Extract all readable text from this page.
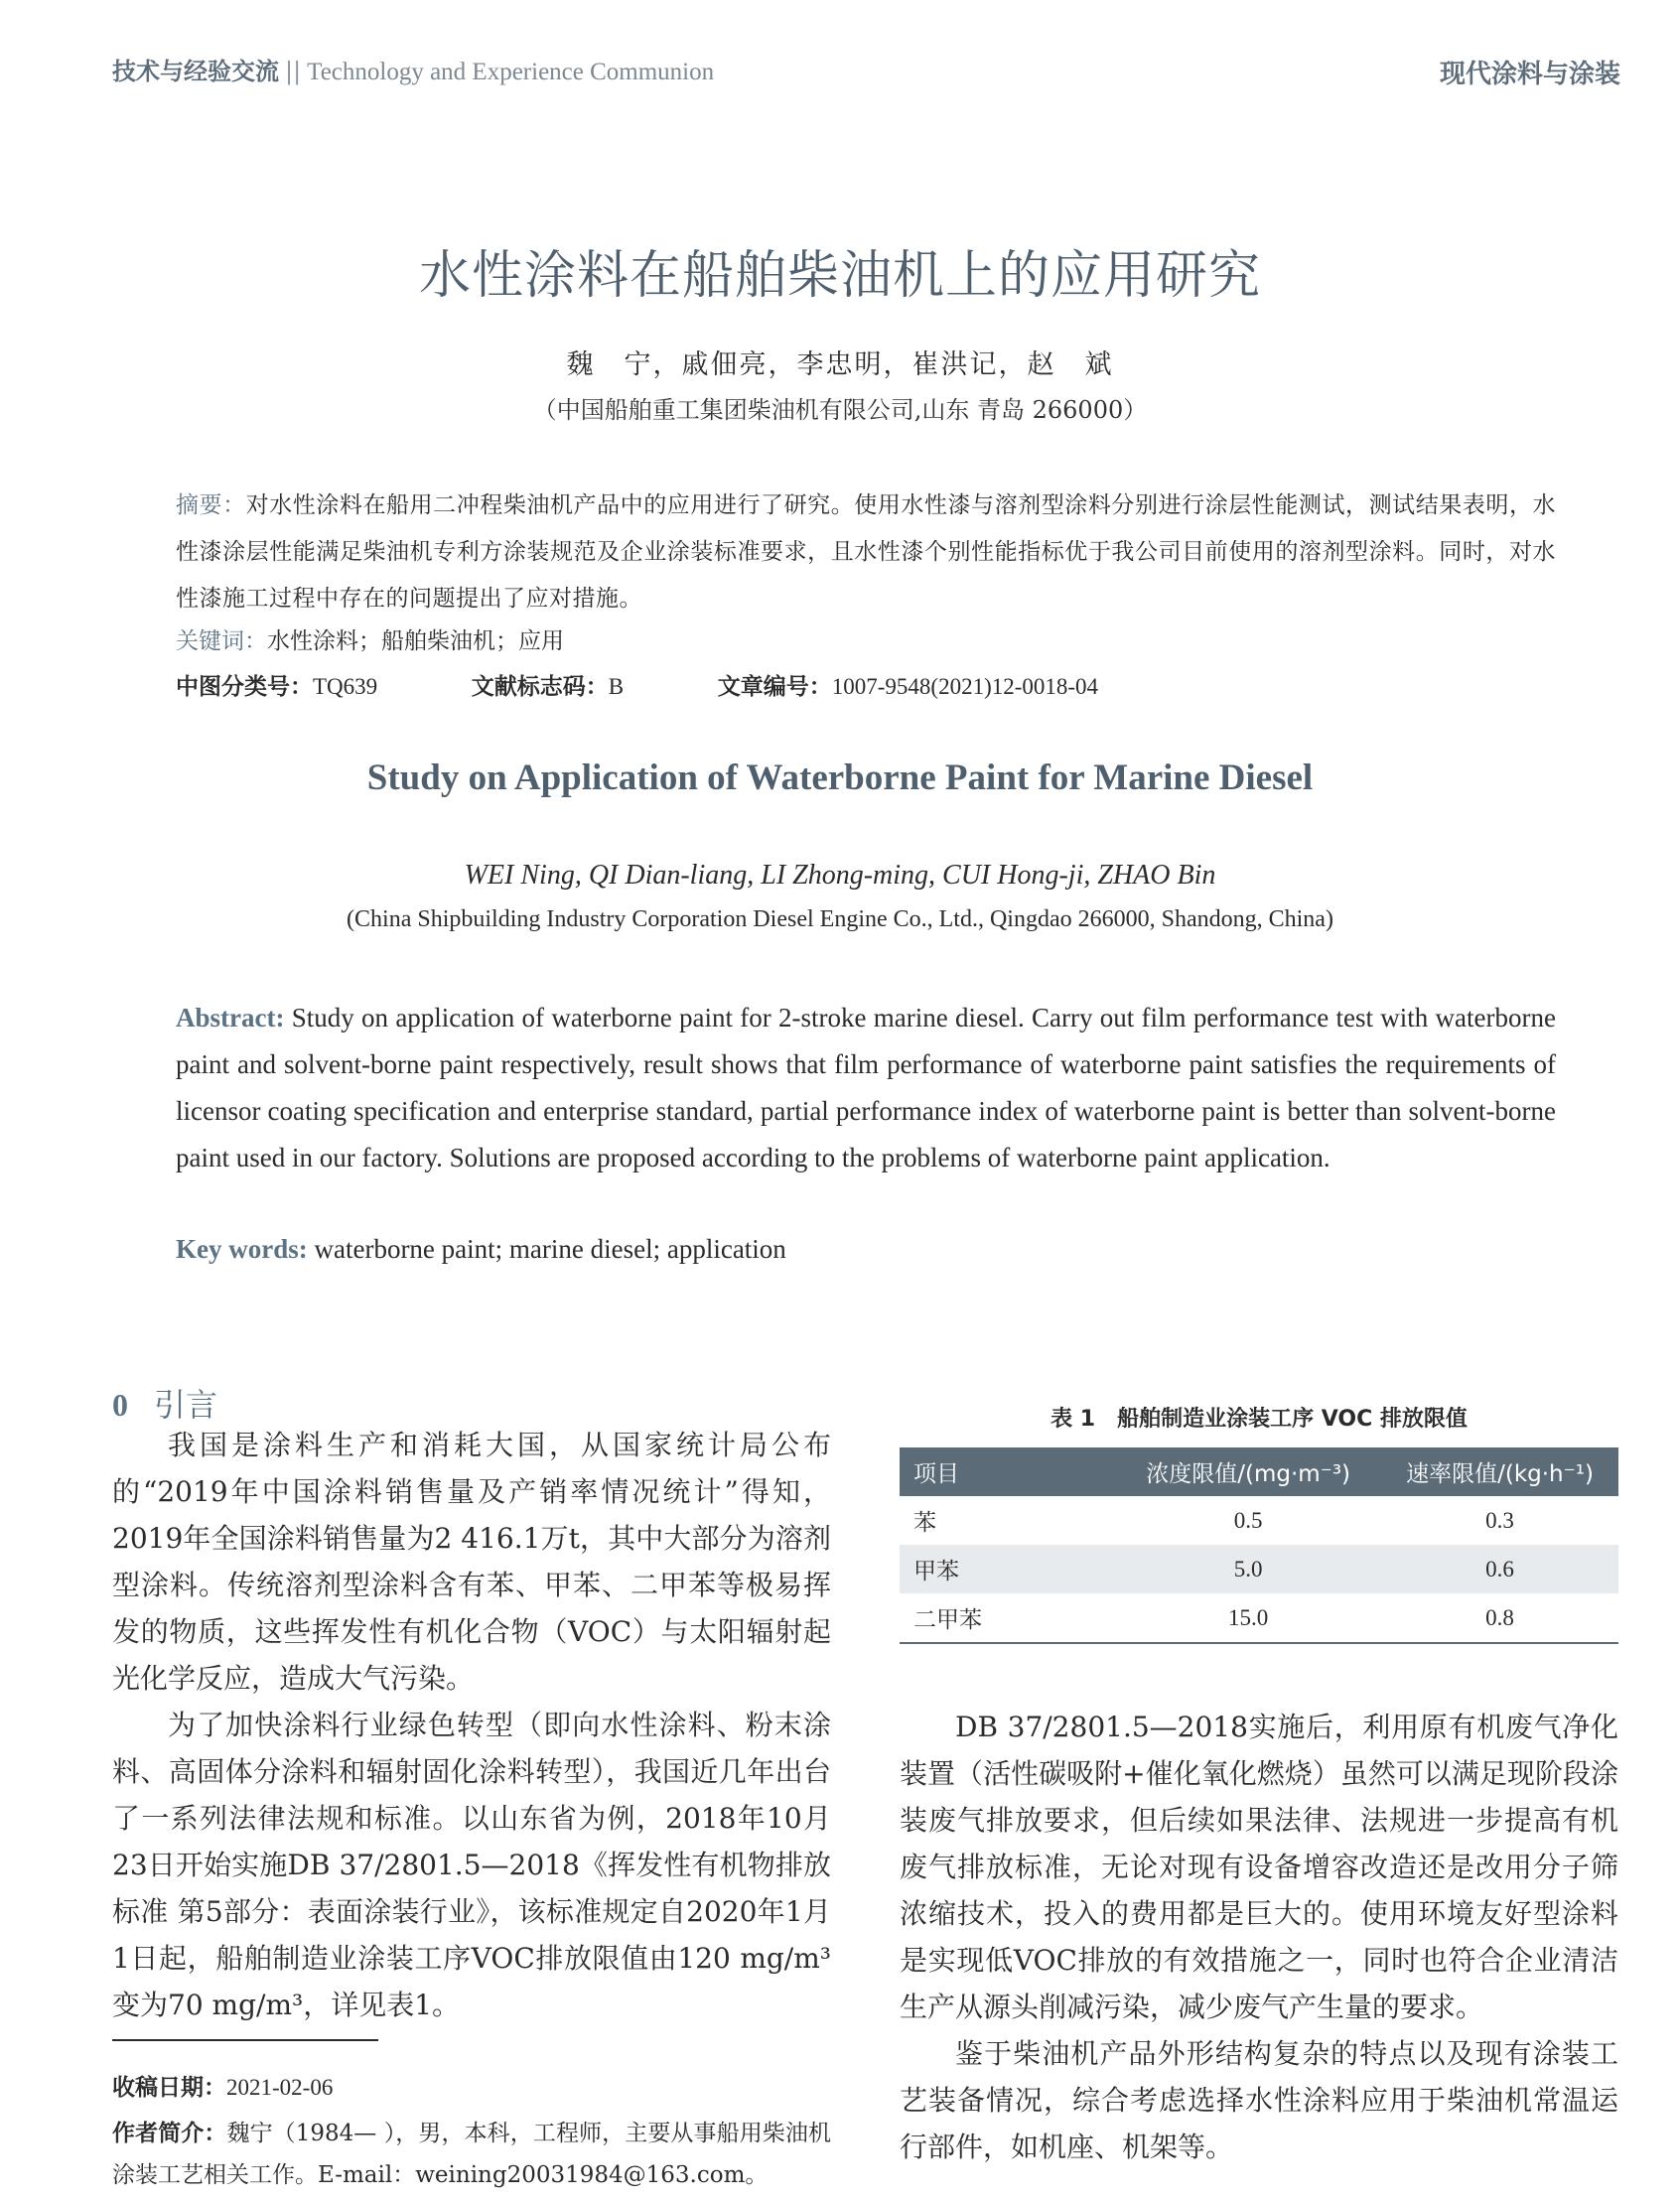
技术与经验交流 || Technology and Experience Communion	现代涂料与涂装
水性涂料在船舶柴油机上的应用研究
魏　宁，戚佃亮，李忠明，崔洪记，赵　斌
（中国船舶重工集团柴油机有限公司,山东 青岛 266000）
摘要：对水性涂料在船用二冲程柴油机产品中的应用进行了研究。使用水性漆与溶剂型涂料分别进行涂层性能测试，测试结果表明，水性漆涂层性能满足柴油机专利方涂装规范及企业涂装标准要求，且水性漆个别性能指标优于我公司目前使用的溶剂型涂料。同时，对水性漆施工过程中存在的问题提出了应对措施。
关键词：水性涂料；船舶柴油机；应用
中图分类号：TQ639	文献标志码：B	文章编号：1007-9548(2021)12-0018-04
Study on Application of Waterborne Paint for Marine Diesel
WEI Ning, QI Dian-liang, LI Zhong-ming, CUI Hong-ji, ZHAO Bin
(China Shipbuilding Industry Corporation Diesel Engine Co., Ltd., Qingdao 266000, Shandong, China)
Abstract: Study on application of waterborne paint for 2-stroke marine diesel. Carry out film performance test with waterborne paint and solvent-borne paint respectively, result shows that film performance of waterborne paint satisfies the requirements of licensor coating specification and enterprise standard, partial performance index of waterborne paint is better than solvent-borne paint used in our factory. Solutions are proposed according to the problems of waterborne paint application.
Key words: waterborne paint; marine diesel; application
0 引言

我国是涂料生产和消耗大国，从国家统计局公布的“2019年中国涂料销售量及产销率情况统计”得知，2019年全国涂料销售量为2 416.1万t，其中大部分为溶剂型涂料。传统溶剂型涂料含有苯、甲苯、二甲苯等极易挥发的物质，这些挥发性有机化合物（VOC）与太阳辐射起光化学反应，造成大气污染。

为了加快涂料行业绿色转型（即向水性涂料、粉末涂料、高固体分涂料和辐射固化涂料转型），我国近几年出台了一系列法律法规和标准。以山东省为例，2018年10月23日开始实施DB 37/2801.5—2018《挥发性有机物排放标准 第5部分：表面涂装行业》，该标准规定自2020年1月1日起，船舶制造业涂装工序VOC排放限值由120 mg/m³变为70 mg/m³，详见表1。

表 1　船舶制造业涂装工序 VOC 排放限值
项目	浓度限值/(mg·m⁻³)	速率限值/(kg·h⁻¹)
苯	0.5	0.3
甲苯	5.0	0.6
二甲苯	15.0	0.8

DB 37/2801.5—2018实施后，利用原有机废气净化装置（活性碳吸附+催化氧化燃烧）虽然可以满足现阶段涂装废气排放要求，但后续如果法律、法规进一步提高有机废气排放标准，无论对现有设备增容改造还是改用分子筛浓缩技术，投入的费用都是巨大的。使用环境友好型涂料是实现低VOC排放的有效措施之一，同时也符合企业清洁生产从源头削减污染，减少废气产生量的要求。

鉴于柴油机产品外形结构复杂的特点以及现有涂装工艺装备情况，综合考虑选择水性涂料应用于柴油机常温运行部件，如机座、机架等。

收稿日期：2021-02-06
作者简介：魏宁（1984— ），男，本科，工程师，主要从事船用柴油机涂装工艺相关工作。E-mail：weining20031984@163.com。
